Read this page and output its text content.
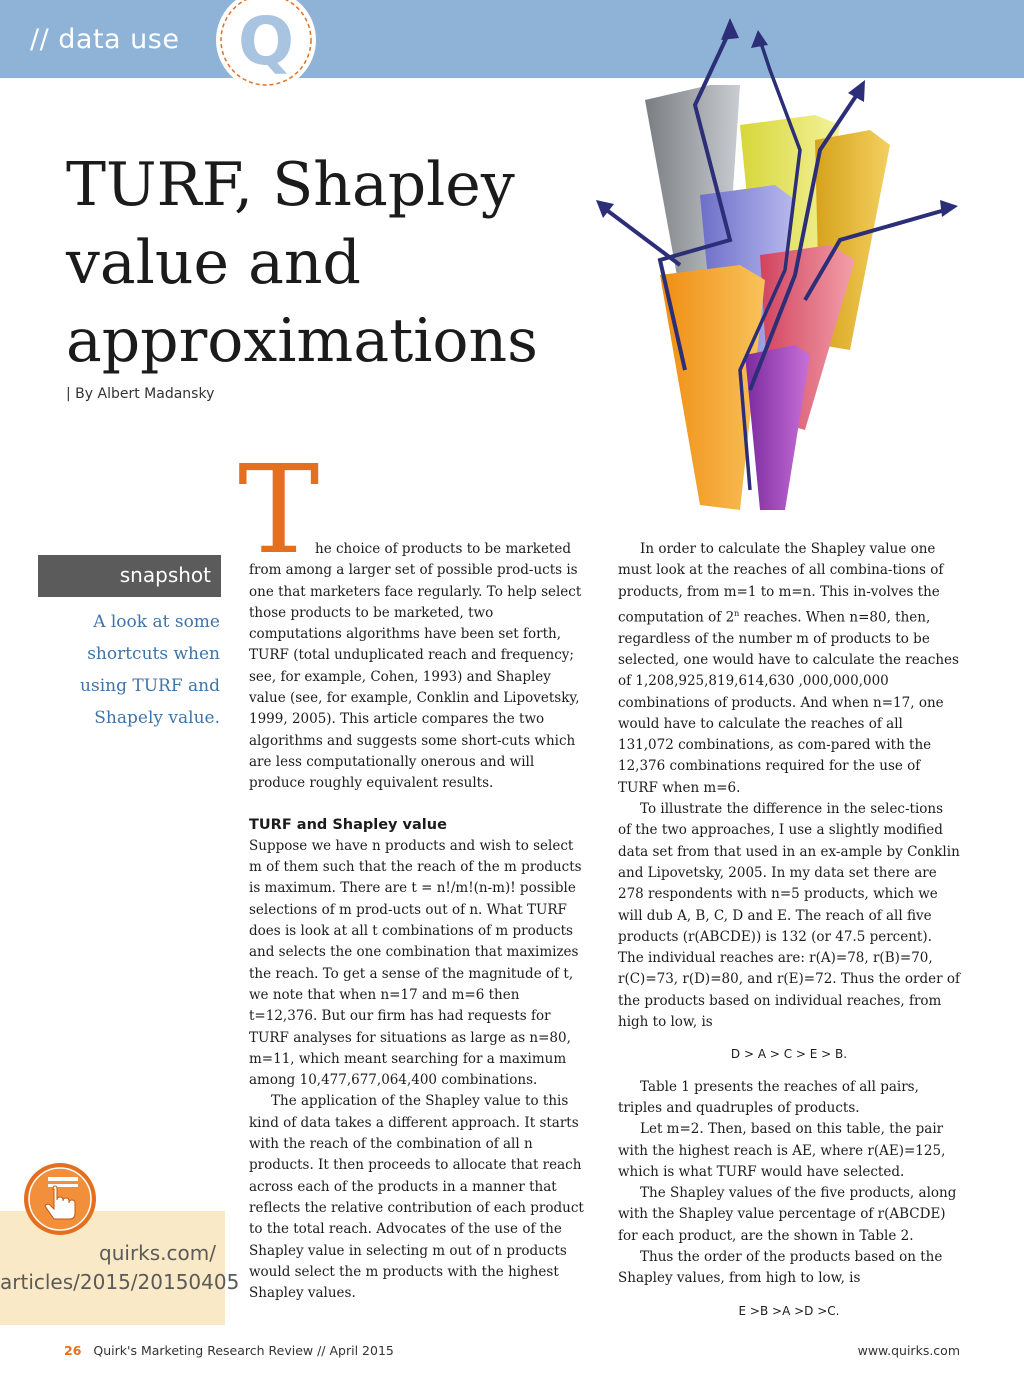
// data use Q
TURF, Shapley
value and
approximations
| By Albert Madansky
T
snapshot
A look at some
shortcuts when
using TURF and
Shapely value.
quirks.com/
articles/2015/20150405

he choice of products to be marketed

from among a larger set of possible prod-ucts is one that marketers face regularly. To help select those products to be marketed, two computations algorithms have been set forth, TURF (total unduplicated reach and frequency; see, for example, Cohen, 1993) and Shapley value (see, for example, Conklin and Lipovetsky, 1999, 2005). This article compares the two algorithms and suggests some short-cuts which are less computationally onerous and will produce roughly equivalent results.

TURF and Shapley value

Suppose we have n products and wish to select m of them such that the reach of the m products is maximum. There are t = n!/m!(n-m)! possible selections of m prod-ucts out of n. What TURF does is look at all t combinations of m products and selects the one combination that maximizes the reach. To get a sense of the magnitude of t, we note that when n=17 and m=6 then t=12,376. But our firm has had requests for TURF analyses for situations as large as n=80, m=11, which meant searching for a maximum among 10,477,677,064,400 combinations.

The application of the Shapley value to this kind of data takes a different approach. It starts with the reach of the combination of all n products. It then proceeds to allocate that reach across each of the products in a manner that reflects the relative contribution of each product to the total reach. Advocates of the use of the Shapley value in selecting m out of n products would select the m products with the highest Shapley values.

In order to calculate the Shapley value one must look at the reaches of all combina-tions of products, from m=1 to m=n. This in-volves the computation of 2$^n$ reaches. When n=80, then, regardless of the number m of products to be selected, one would have to calculate the reaches of 1,208,925,819,614,630 ,000,000,000 combinations of products. And when n=17, one would have to calculate the reaches of all 131,072 combinations, as com-pared with the 12,376 combinations required for the use of TURF when m=6.

To illustrate the difference in the selec-tions of the two approaches, I use a slightly modified data set from that used in an ex-ample by Conklin and Lipovetsky, 2005. In my data set there are 278 respondents with n=5 products, which we will dub A, B, C, D and E. The reach of all five products (r(ABCDE)) is 132 (or 47.5 percent). The individual reaches are: r(A)=78, r(B)=70, r(C)=73, r(D)=80, and r(E)=72. Thus the order of the products based on individual reaches, from high to low, is

D > A > C > E > B.

Table 1 presents the reaches of all pairs, triples and quadruples of products.

Let m=2. Then, based on this table, the pair with the highest reach is AE, where r(AE)=125, which is what TURF would have selected.

The Shapley values of the five products, along with the Shapley value percentage of r(ABCDE) for each product, are the shown in Table 2.

Thus the order of the products based on the Shapley values, from high to low, is

E >B >A >D >C.

26 Quirk's Marketing Research Review // April 2015	www.quirks.com
